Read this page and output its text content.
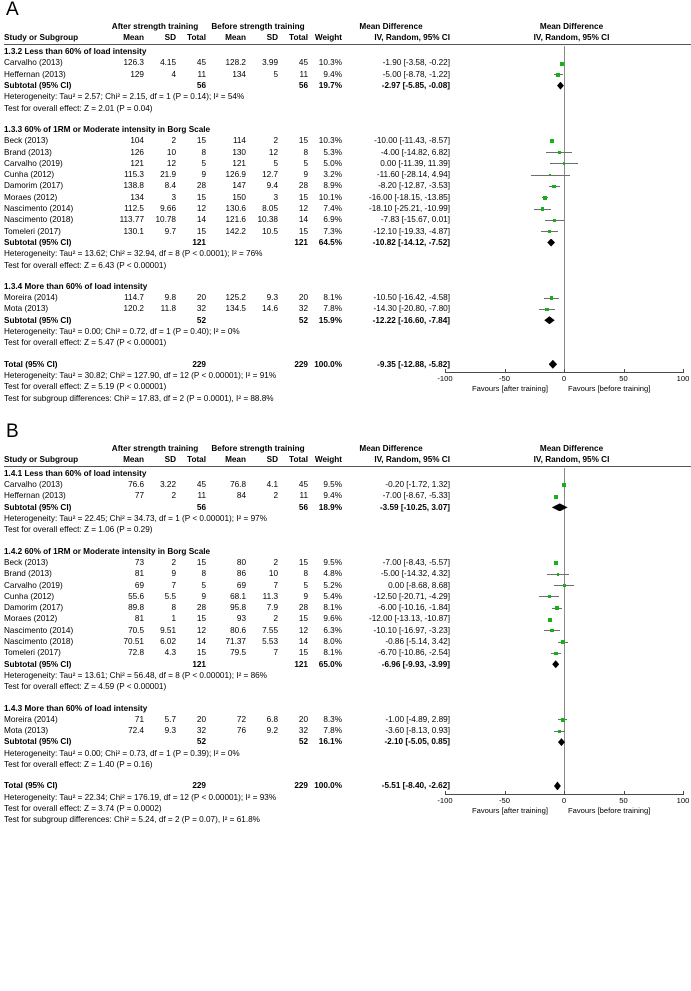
A
After strength training	Before strength training	Mean Difference	Mean Difference
Study or Subgroup	Mean	SD	Total	Mean	SD	Total Weight	IV, Random, 95% CI	IV, Random, 95% CI
1.3.2 Less than 60% of load intensity
Carvalho (2013)	126.3	4.15	45	128.2	3.99	45	10.3%	-1.90 [-3.58, -0.22]
Heffernan (2013)	129	4	11	134	5	11	9.4%	-5.00 [-8.78, -1.22]
Subtotal (95% CI)	56	56	19.7%	-2.97 [-5.85, -0.08]
Heterogeneity: Tau² = 2.57; Chi² = 2.15, df = 1 (P = 0.14); I² = 54%
Test for overall effect: Z = 2.01 (P = 0.04)
1.3.3 60% of 1RM or Moderate intensity in Borg Scale
Beck (2013)	104	2	15	114	2	15	10.3%	-10.00 [-11.43, -8.57]
Brand (2013)	126	10	8	130	12	8	5.3%	-4.00 [-14.82, 6.82]
Carvalho (2019)	121	12	5	121	5	5	5.0%	0.00 [-11.39, 11.39]
Cunha (2012)	115.3	21.9	9	126.9	12.7	9	3.2%	-11.60 [-28.14, 4.94]
Damorim (2017)	138.8	8.4	28	147	9.4	28	8.9%	-8.20 [-12.87, -3.53]
Moraes (2012)	134	3	15	150	3	15	10.1%	-16.00 [-18.15, -13.85]
Nascimento (2014)	112.5	9.66	12	130.6	8.05	12	7.4%	-18.10 [-25.21, -10.99]
Nascimento (2018)	113.77	10.78	14	121.6	10.38	14	6.9%	-7.83 [-15.67, 0.01]
Tomeleri (2017)	130.1	9.7	15	142.2	10.5	15	7.3%	-12.10 [-19.33, -4.87]
Subtotal (95% CI)	121	121	64.5%	-10.82 [-14.12, -7.52]
Heterogeneity: Tau² = 13.62; Chi² = 32.94, df = 8 (P < 0.0001); I² = 76%
Test for overall effect: Z = 6.43 (P < 0.00001)
1.3.4 More than 60% of load intensity
Moreira (2014)	114.7	9.8	20	125.2	9.3	20	8.1%	-10.50 [-16.42, -4.58]
Mota (2013)	120.2	11.8	32	134.5	14.6	32	7.8%	-14.30 [-20.80, -7.80]
Subtotal (95% CI)	52	52	15.9%	-12.22 [-16.60, -7.84]
Heterogeneity: Tau² = 0.00; Chi² = 0.72, df = 1 (P = 0.40); I² = 0%
Test for overall effect: Z = 5.47 (P < 0.00001)
Total (95% CI)	229	229 100.0%	-9.35 [-12.88, -5.82]
Heterogeneity: Tau² = 30.82; Chi² = 127.90, df = 12 (P < 0.00001); I² = 91%
Test for overall effect: Z = 5.19 (P < 0.00001)
Test for subgroup differences: Chi² = 17.83, df = 2 (P = 0.0001), I² = 88.8%
-100	-50	0	50	100
Favours [after training]	Favours [before training]
B
After strength training	Before strength training	Mean Difference	Mean Difference
Study or Subgroup	Mean	SD	Total	Mean	SD	Total Weight	IV, Random, 95% CI	IV, Random, 95% CI
1.4.1 Less than 60% of load intensity
Carvalho (2013)	76.6	3.22	45	76.8	4.1	45	9.5%	-0.20 [-1.72, 1.32]
Heffernan (2013)	77	2	11	84	2	11	9.4%	-7.00 [-8.67, -5.33]
Subtotal (95% CI)	56	56	18.9%	-3.59 [-10.25, 3.07]
Heterogeneity: Tau² = 22.45; Chi² = 34.73, df = 1 (P < 0.00001); I² = 97%
Test for overall effect: Z = 1.06 (P = 0.29)
1.4.2 60% of 1RM or Moderate intensity in Borg Scale
Beck (2013)	73	2	15	80	2	15	9.5%	-7.00 [-8.43, -5.57]
Brand (2013)	81	9	8	86	10	8	4.8%	-5.00 [-14.32, 4.32]
Carvalho (2019)	69	7	5	69	7	5	5.2%	0.00 [-8.68, 8.68]
Cunha (2012)	55.6	5.5	9	68.1	11.3	9	5.4%	-12.50 [-20.71, -4.29]
Damorim (2017)	89.8	8	28	95.8	7.9	28	8.1%	-6.00 [-10.16, -1.84]
Moraes (2012)	81	1	15	93	2	15	9.6%	-12.00 [-13.13, -10.87]
Nascimento (2014)	70.5	9.51	12	80.6	7.55	12	6.3%	-10.10 [-16.97, -3.23]
Nascimento (2018)	70.51	6.02	14	71.37	5.53	14	8.0%	-0.86 [-5.14, 3.42]
Tomeleri (2017)	72.8	4.3	15	79.5	7	15	8.1%	-6.70 [-10.86, -2.54]
Subtotal (95% CI)	121	121	65.0%	-6.96 [-9.93, -3.99]
Heterogeneity: Tau² = 13.61; Chi² = 56.48, df = 8 (P < 0.00001); I² = 86%
Test for overall effect: Z = 4.59 (P < 0.00001)
1.4.3 More than 60% of load intensity
Moreira (2014)	71	5.7	20	72	6.8	20	8.3%	-1.00 [-4.89, 2.89]
Mota (2013)	72.4	9.3	32	76	9.2	32	7.8%	-3.60 [-8.13, 0.93]
Subtotal (95% CI)	52	52	16.1%	-2.10 [-5.05, 0.85]
Heterogeneity: Tau² = 0.00; Chi² = 0.73, df = 1 (P = 0.39); I² = 0%
Test for overall effect: Z = 1.40 (P = 0.16)
Total (95% CI)	229	229 100.0%	-5.51 [-8.40, -2.62]
Heterogeneity: Tau² = 22.34; Chi² = 176.19, df = 12 (P < 0.00001); I² = 93%
Test for overall effect: Z = 3.74 (P = 0.0002)
Test for subgroup differences: Chi² = 5.24, df = 2 (P = 0.07), I² = 61.8%
-100	-50	0	50	100
Favours [after training]	Favours [before training]
